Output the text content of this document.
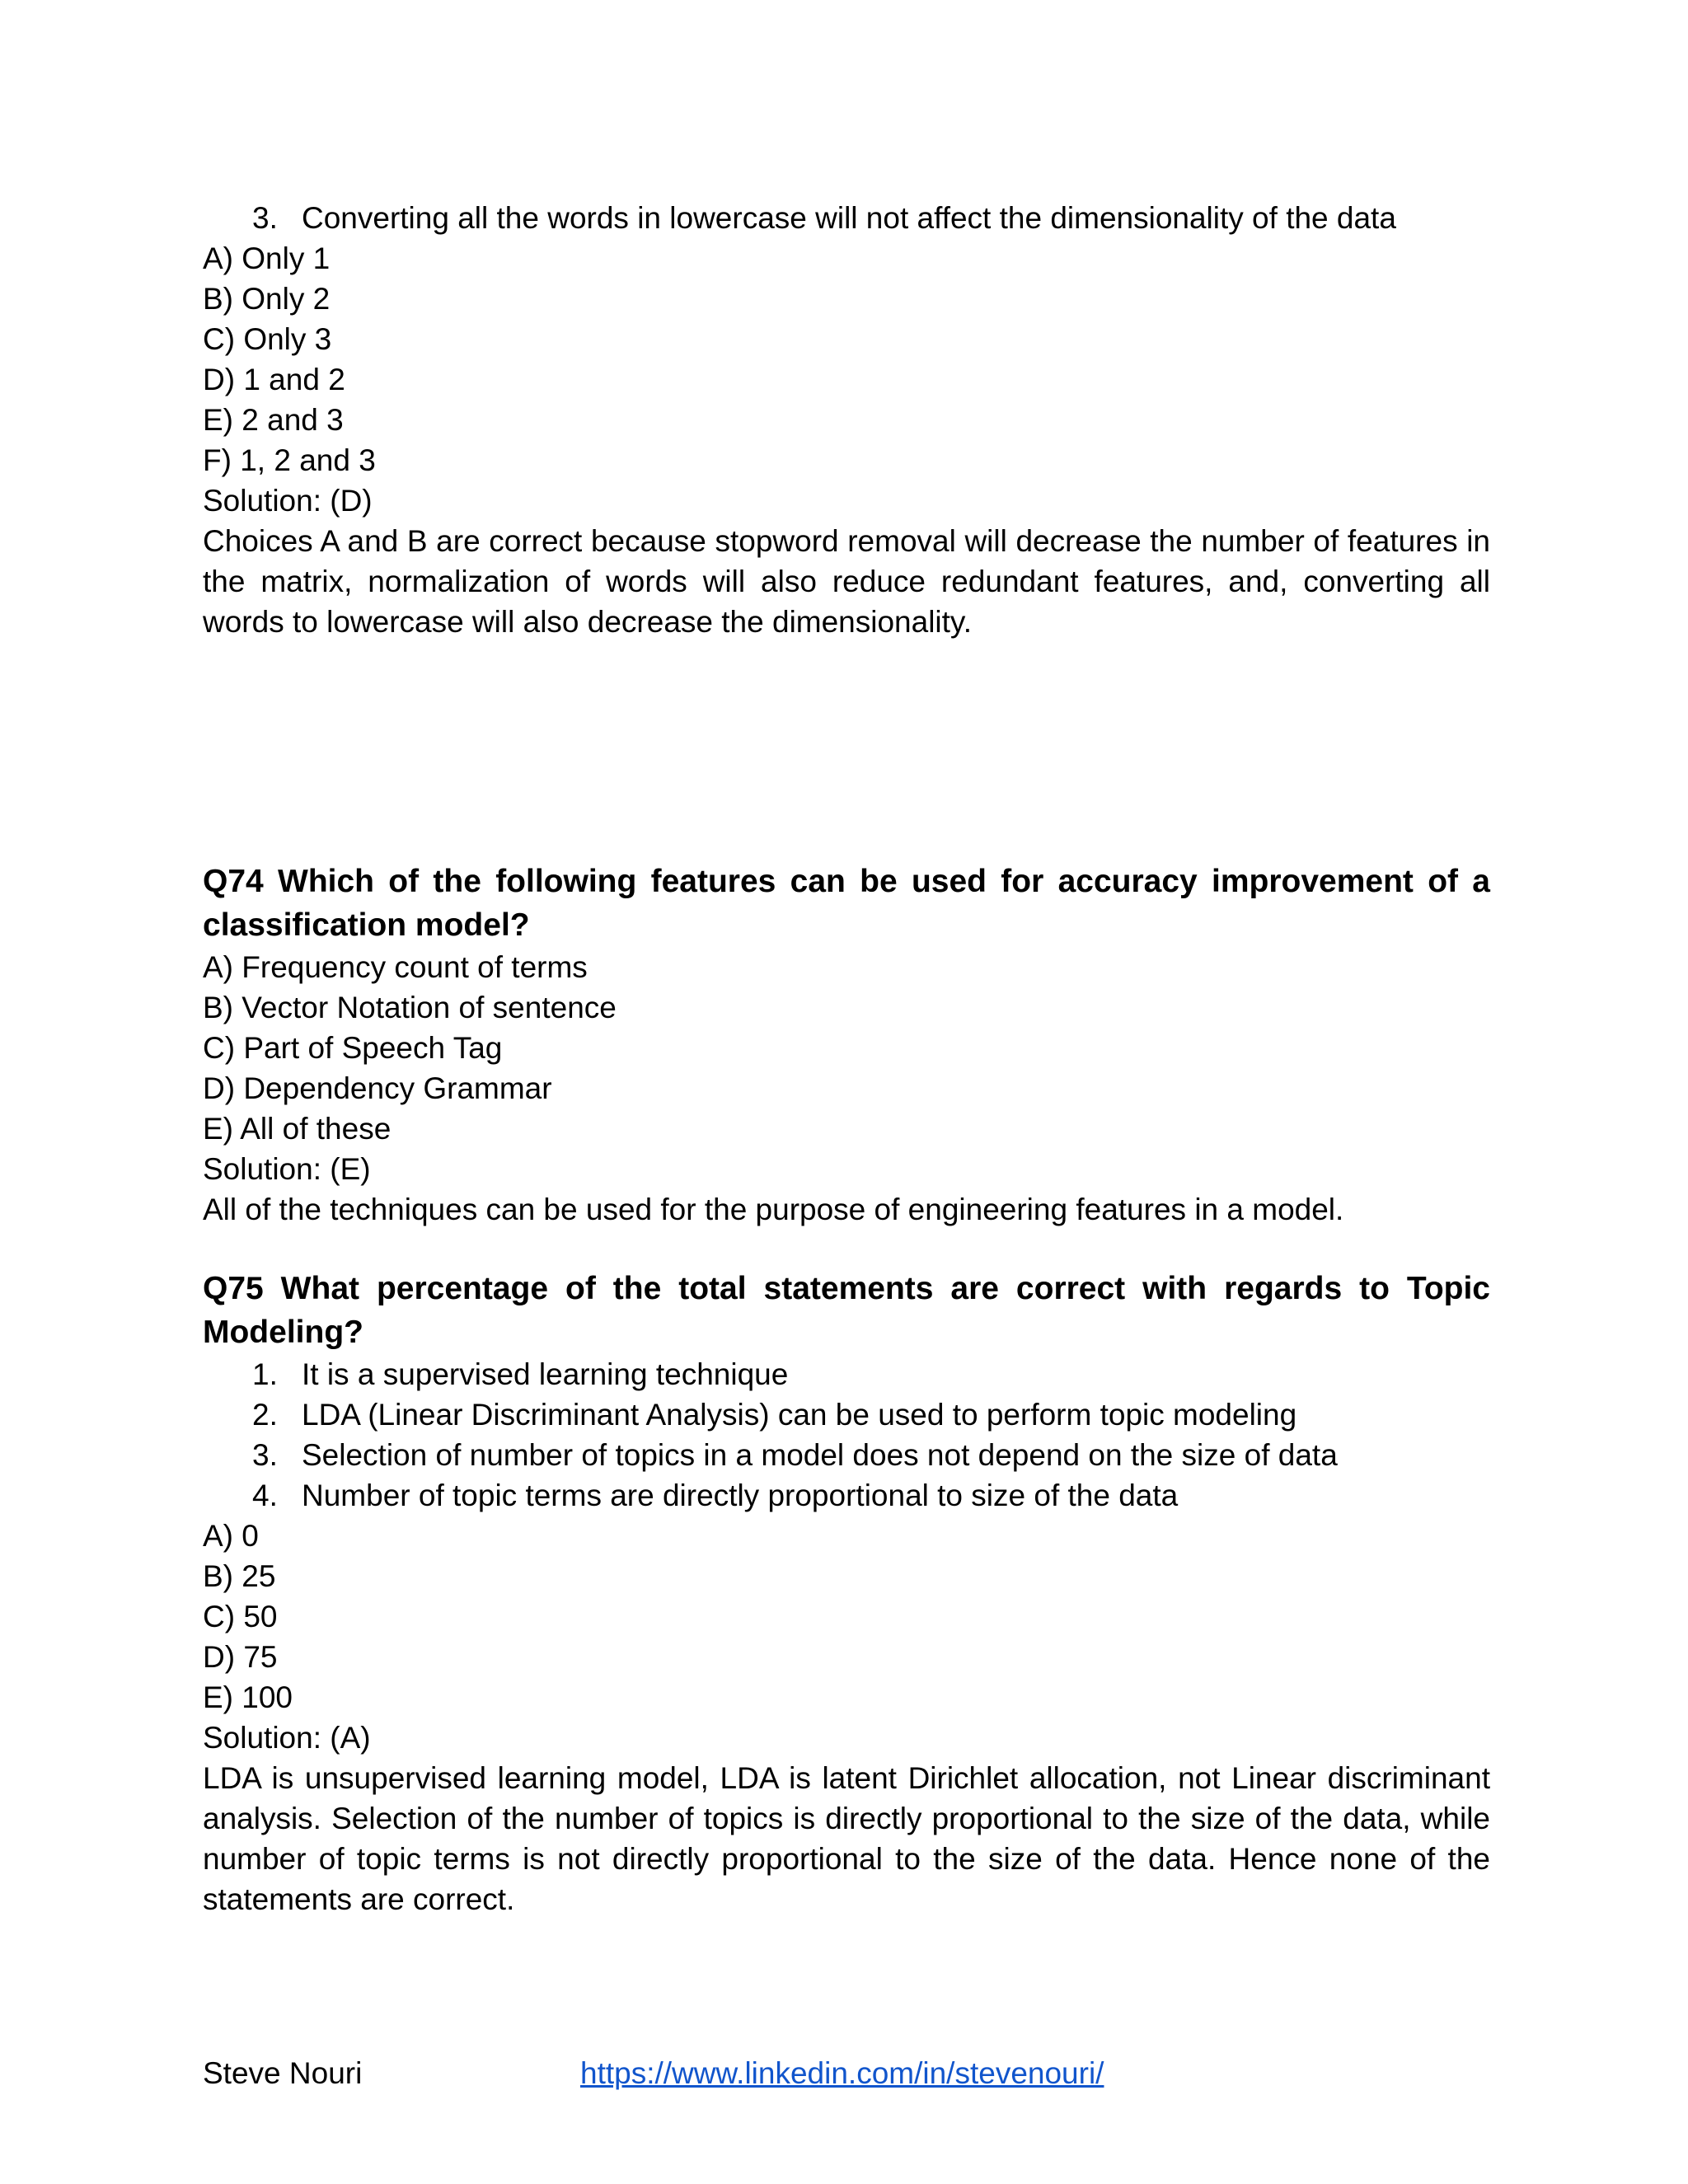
3. Converting all the words in lowercase will not affect the dimensionality of the data

A) Only 1

B) Only 2

C) Only 3

D) 1 and 2

E) 2 and 3

F) 1, 2 and 3

Solution: (D)

Choices A and B are correct because stopword removal will decrease the number of features in the matrix, normalization of words will also reduce redundant features, and, converting all words to lowercase will also decrease the dimensionality.

Q74 Which of the following features can be used for accuracy improvement of a classification model?

A) Frequency count of terms

B) Vector Notation of sentence

C) Part of Speech Tag

D) Dependency Grammar

E) All of these

Solution: (E)

All of the techniques can be used for the purpose of engineering features in a model.

Q75 What percentage of the total statements are correct with regards to Topic Modeling?

1. It is a supervised learning technique
2. LDA (Linear Discriminant Analysis) can be used to perform topic modeling
3. Selection of number of topics in a model does not depend on the size of data
4. Number of topic terms are directly proportional to size of the data

A) 0

B) 25

C) 50

D) 75

E) 100

Solution: (A)

LDA is unsupervised learning model, LDA is latent Dirichlet allocation, not Linear discriminant analysis. Selection of the number of topics is directly proportional to the size of the data, while number of topic terms is not directly proportional to the size of the data. Hence none of the statements are correct.

Steve Nouri	https://www.linkedin.com/in/stevenouri/
